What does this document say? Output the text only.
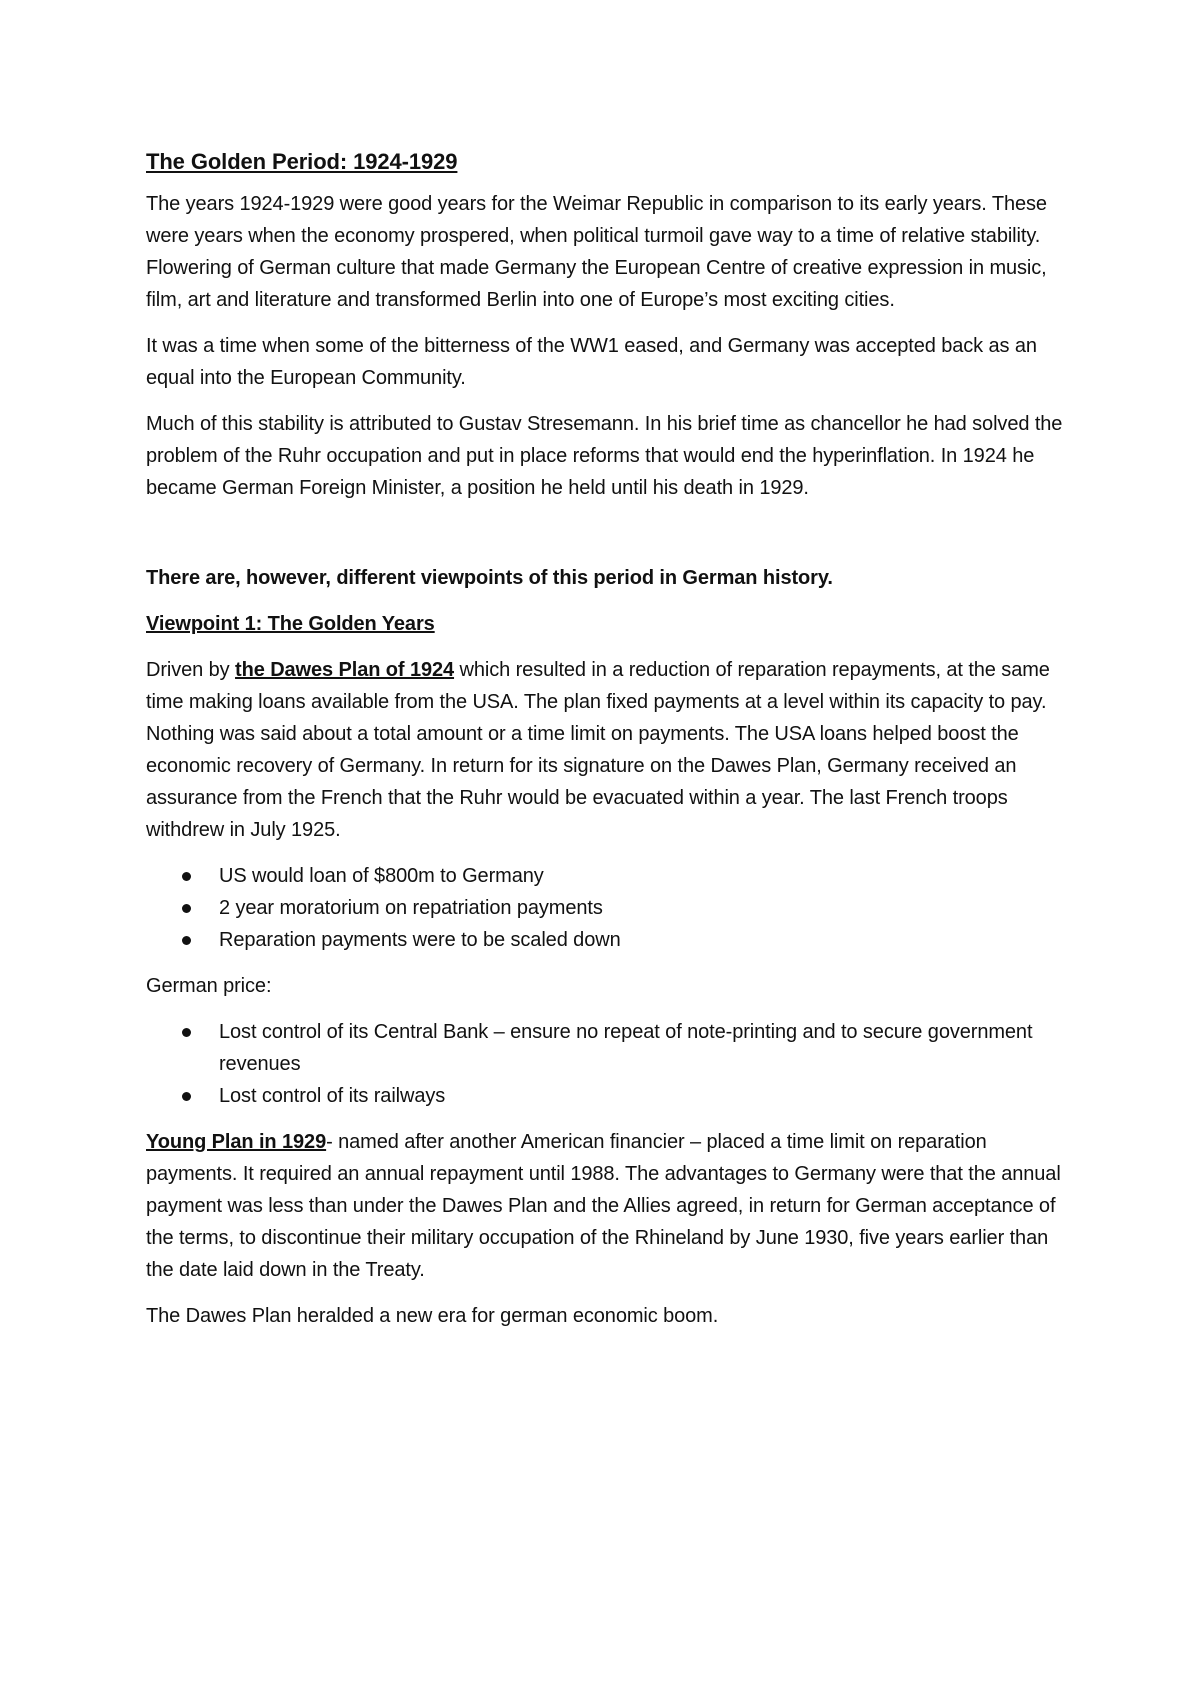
The Golden Period: 1924-1929

The years 1924-1929 were good years for the Weimar Republic in comparison to its early years. These were years when the economy prospered, when political turmoil gave way to a time of relative stability. Flowering of German culture that made Germany the European Centre of creative expression in music, film, art and literature and transformed Berlin into one of Europe’s most exciting cities.

It was a time when some of the bitterness of the WW1 eased, and Germany was accepted back as an equal into the European Community.

Much of this stability is attributed to Gustav Stresemann. In his brief time as chancellor he had solved the problem of the Ruhr occupation and put in place reforms that would end the hyperinflation. In 1924 he became German Foreign Minister, a position he held until his death in 1929.

There are, however, different viewpoints of this period in German history.

Viewpoint 1: The Golden Years

Driven by the Dawes Plan of 1924 which resulted in a reduction of reparation repayments, at the same time making loans available from the USA. The plan fixed payments at a level within its capacity to pay. Nothing was said about a total amount or a time limit on payments. The USA loans helped boost the economic recovery of Germany. In return for its signature on the Dawes Plan, Germany received an assurance from the French that the Ruhr would be evacuated within a year. The last French troops withdrew in July 1925.

US would loan of $800m to Germany
2 year moratorium on repatriation payments
Reparation payments were to be scaled down

German price:

Lost control of its Central Bank – ensure no repeat of note-printing and to secure government revenues
Lost control of its railways

Young Plan in 1929- named after another American financier – placed a time limit on reparation payments. It required an annual repayment until 1988. The advantages to Germany were that the annual payment was less than under the Dawes Plan and the Allies agreed, in return for German acceptance of the terms, to discontinue their military occupation of the Rhineland by June 1930, five years earlier than the date laid down in the Treaty.

The Dawes Plan heralded a new era for german economic boom.
